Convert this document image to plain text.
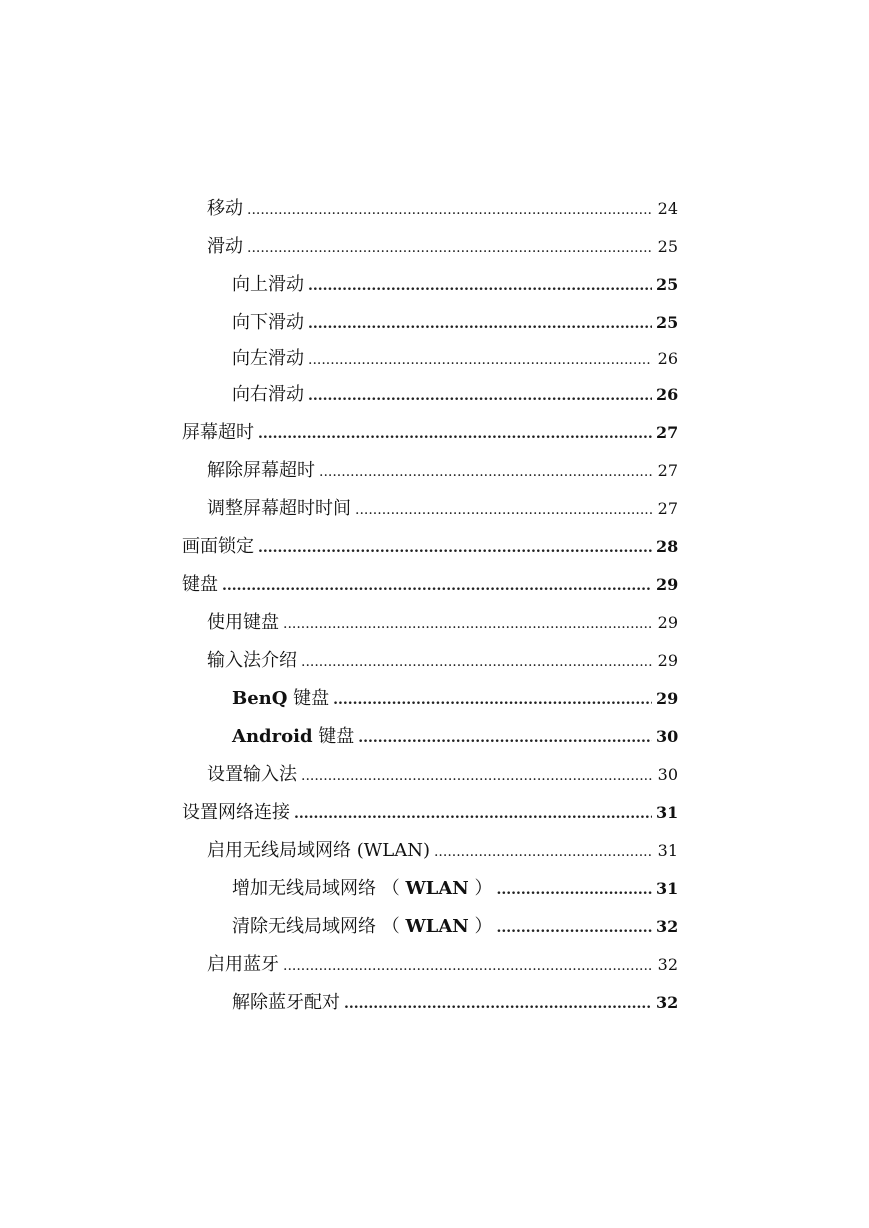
移动 .....	24
滑动 .....	25
向上滑动 .....	25
向下滑动 .....	25
向左滑动 .....	26
向右滑动 .....	26
屏幕超时 .....	27
解除屏幕超时 .....	27
调整屏幕超时时间 .....	27
画面锁定 .....	28
键盘 .....	29
使用键盘 .....	29
输入法介绍 .....	29
BenQ 键盘 .....	29
Android 键盘 .....	30
设置输入法 .....	30
设置网络连接 .....	31
启用无线局域网络 (WLAN) .....	31
增加无线局域网络 （ WLAN ） .....	31
清除无线局域网络 （ WLAN ） .....	32
启用蓝牙 .....	32
解除蓝牙配对 .....	32
